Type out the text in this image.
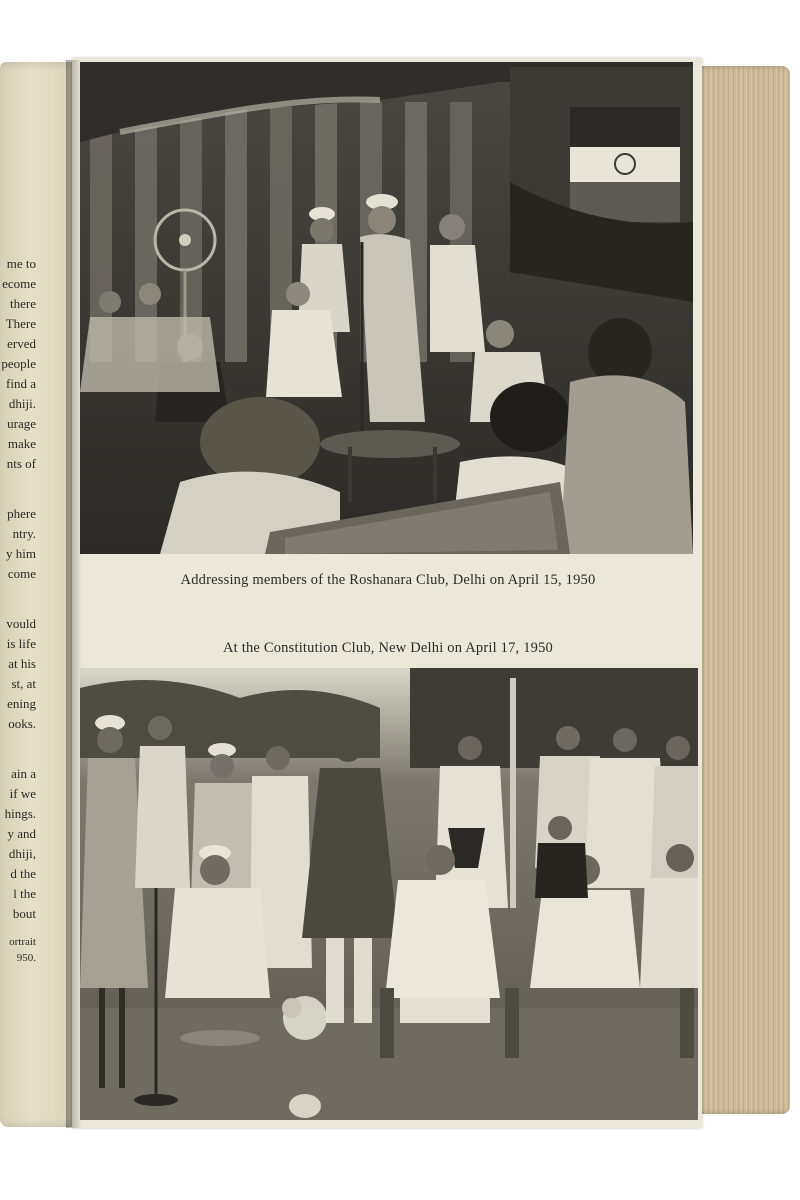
me to
ecome
there
There
erved
people
find a
dhiji.
urage
make
nts of
phere
ntry.
y him
come
vould
is life
at his
st, at
ening
ooks.
ain a
if we
hings.
y and
dhiji,
d the
l the
bout
ortrait
950.
Addressing members of the Roshanara Club, Delhi on April 15, 1950
At the Constitution Club, New Delhi on April 17, 1950
